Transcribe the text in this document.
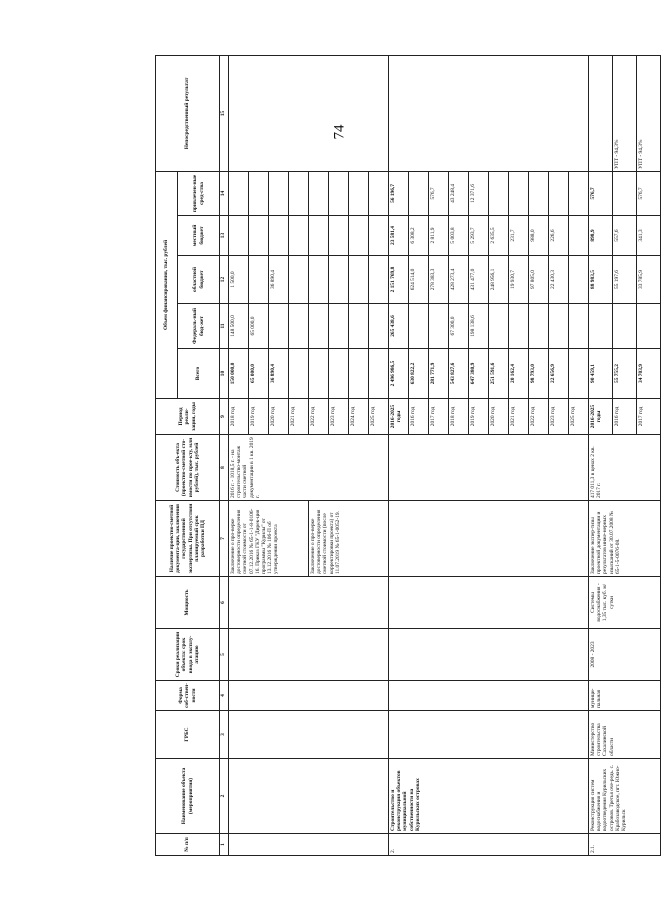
74
№ п/п	Наименование объекта (мероприятия)	ГРБС	Форма соб-ствен-ности	Сроки реализации объекта: срок ввода в эксплу-атацию	Мощность	Наличие проектно-сметной документа-ции, заключения государственной экспертизы. При отсутствии планируемый срок разработки ПД	Стоимость объ-екта (проектно-сметной сто-имости по прое-кту, млн рублей), тыс. рублей	Период реали-зации, годы	Объем финансирования, тыс. рублей					Непосредственный результат
									Всего	Федераль-ный бюд-жет	областной бюджет	местный бюджет	привлечен-ные сред-ства	
1	2	3	4	5	6	7	8	9	10	11	12	13	14	15
						Заключение о про-верке достоверности определения сметной стоимости от 07.12.2016 № 65-1-1-8-0106-16. Приказ ГКУ "Дирек-ция программы "Курилы" от 13.12.2016 № 106-П об утверждении проекта	2016 г. - 1018,5 г. - на строительство-монтаж части сметной документации в 1 кв. 2019 г.	2018 год	150 000,0	148 500,0	1 500,0			
								2019 год	65 000,0	65 000,0				
								2020 год	36 890,4		36 890,4			
								2021 год						
						Заключение о про-верке достоверности определения сметной стоимости (после корректировки проекта) от 11.07.2019 № 65-1-0052-19.		2022 год						
								2023 год						
								2024 год						
								2025 год						
2.	Строительство и реконструкция объектов муниципальной собственности на Курильских островах							2016-2025 годы	2 496 986,5	265 438,6	2 151 769,8	23 581,4	56 196,7	
								2016 год	630 822,2		624 514,0	6 308,2		
								2017 год	281 771,9		278 383,3	2 811,9	576,7	
								2018 год	543 827,6	67 300,0	428 273,4	5 003,8	43 248,4	
								2019 год	647 380,9	198 138,6	431 477,0	5 293,7	12 371,6	
								2020 год	251 591,6		248 956,1	2 635,5		
								2021 год	20 162,4		19 930,7	231,7		
								2022 год	98 793,0		97 805,0	988,0		
								2023 год	22 656,9		22 430,3	226,6		
								2025 год						
2.1.	Реконструкция систем водоснабжения и водоотведения Курильских островов. Третья оче-редь. с. Крабозаводское, пгт. Южно-Курильск	Министерство строительства Сахалинской области	муници-пальная	2008 - 2023	Системы водоснабжения - 1,35 тыс. куб. м/сутки	Заключение экспер-тизы проектной документации и результатов инже-нерных изысканий от 30.07.2008 № 65-1-5-0076-08.	417 011,3 в ценах 2 кв. 2017 г.	2016-2025 годы	90 459,1		88 983,5	898,9	576,7	
								2016 год	55 755,2		55 197,6	557,6		УПТ - 94,3%
								2017 год	34 703,9		33 785,9	341,3	576,7	УПТ - 94,3%
